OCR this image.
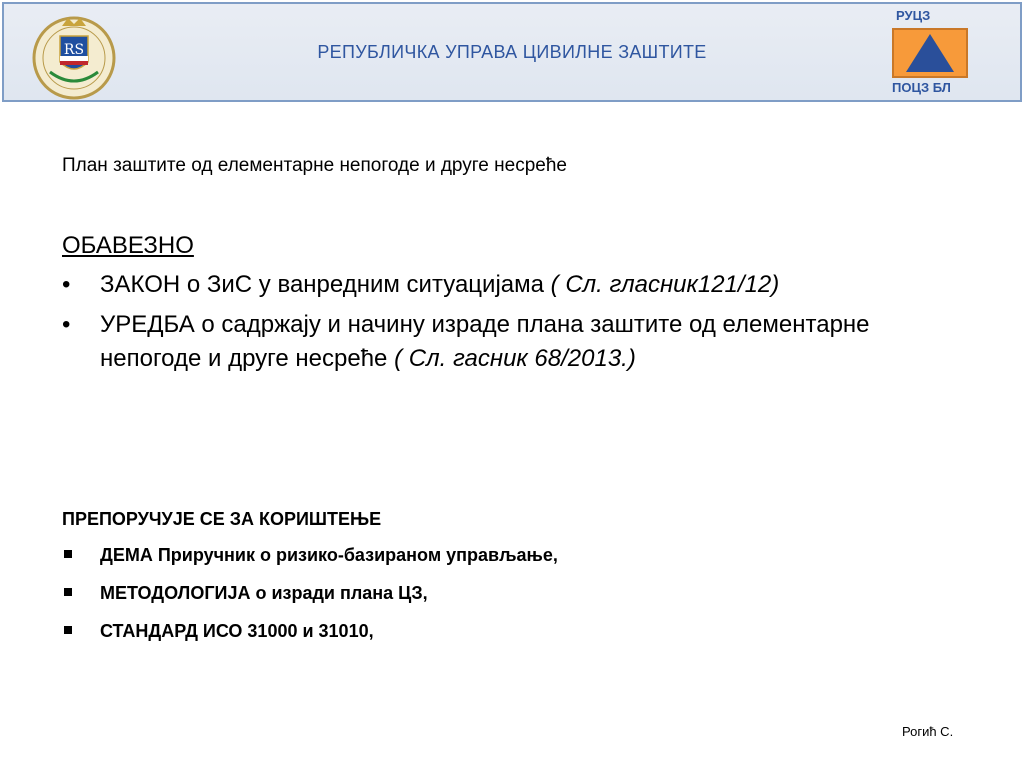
RS	РЕПУБЛИЧКА УПРАВА ЦИВИЛНЕ ЗАШТИТЕ
РУЦЗ
ПОЦЗ БЛ
План заштите од елементарне непогоде и друге несреће
ОБАВЕЗНО
• ЗАКОН о ЗиС у ванредним ситуацијама ( Сл. гласник121/12)
• УРЕДБА о садржају и начину израде плана заштите од елементарне непогоде и друге несреће ( Сл. гасник 68/2013.)
ПРЕПОРУЧУЈЕ СЕ ЗА КОРИШТЕЊЕ
ДЕМА Приручник о ризико-базираном управљање,
МЕТОДОЛОГИЈА о изради плана ЦЗ,
СТАНДАРД ИСО 31000 и 31010,
Рогић С.
